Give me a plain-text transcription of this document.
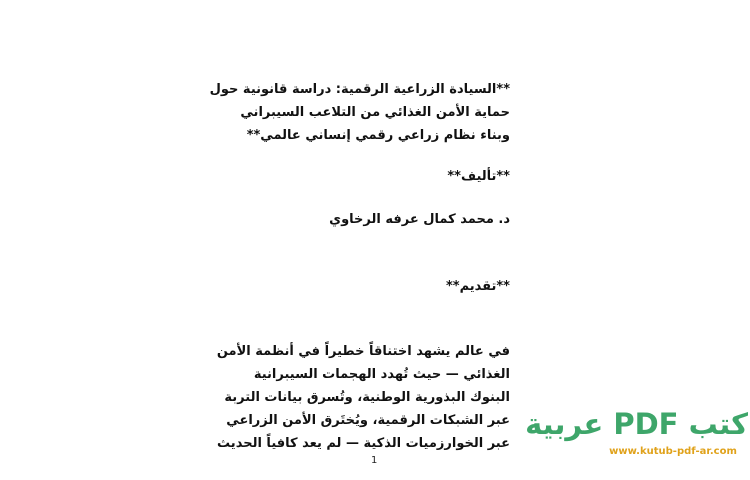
**السيادة الزراعية الرقمية: دراسة قانونية حول
حماية الأمن الغذائي من التلاعب السيبراني
وبناء نظام زراعي رقمي إنساني عالمي**
**تأليف**
د. محمد كمال عرفه الرخاوي
**تقديم**
في عالم يشهد اختناقاً خطيراً في أنظمة الأمن
الغذائي — حيث تُهدد الهجمات السيبرانية
البنوك البذورية الوطنية، وتُسرق بيانات التربة
عبر الشبكات الرقمية، ويُختَرق الأمن الزراعي
عبر الخوارزميات الذكية — لم يعد كافياً الحديث
1
كتب PDF عربية
www.kutub-pdf-ar.com
